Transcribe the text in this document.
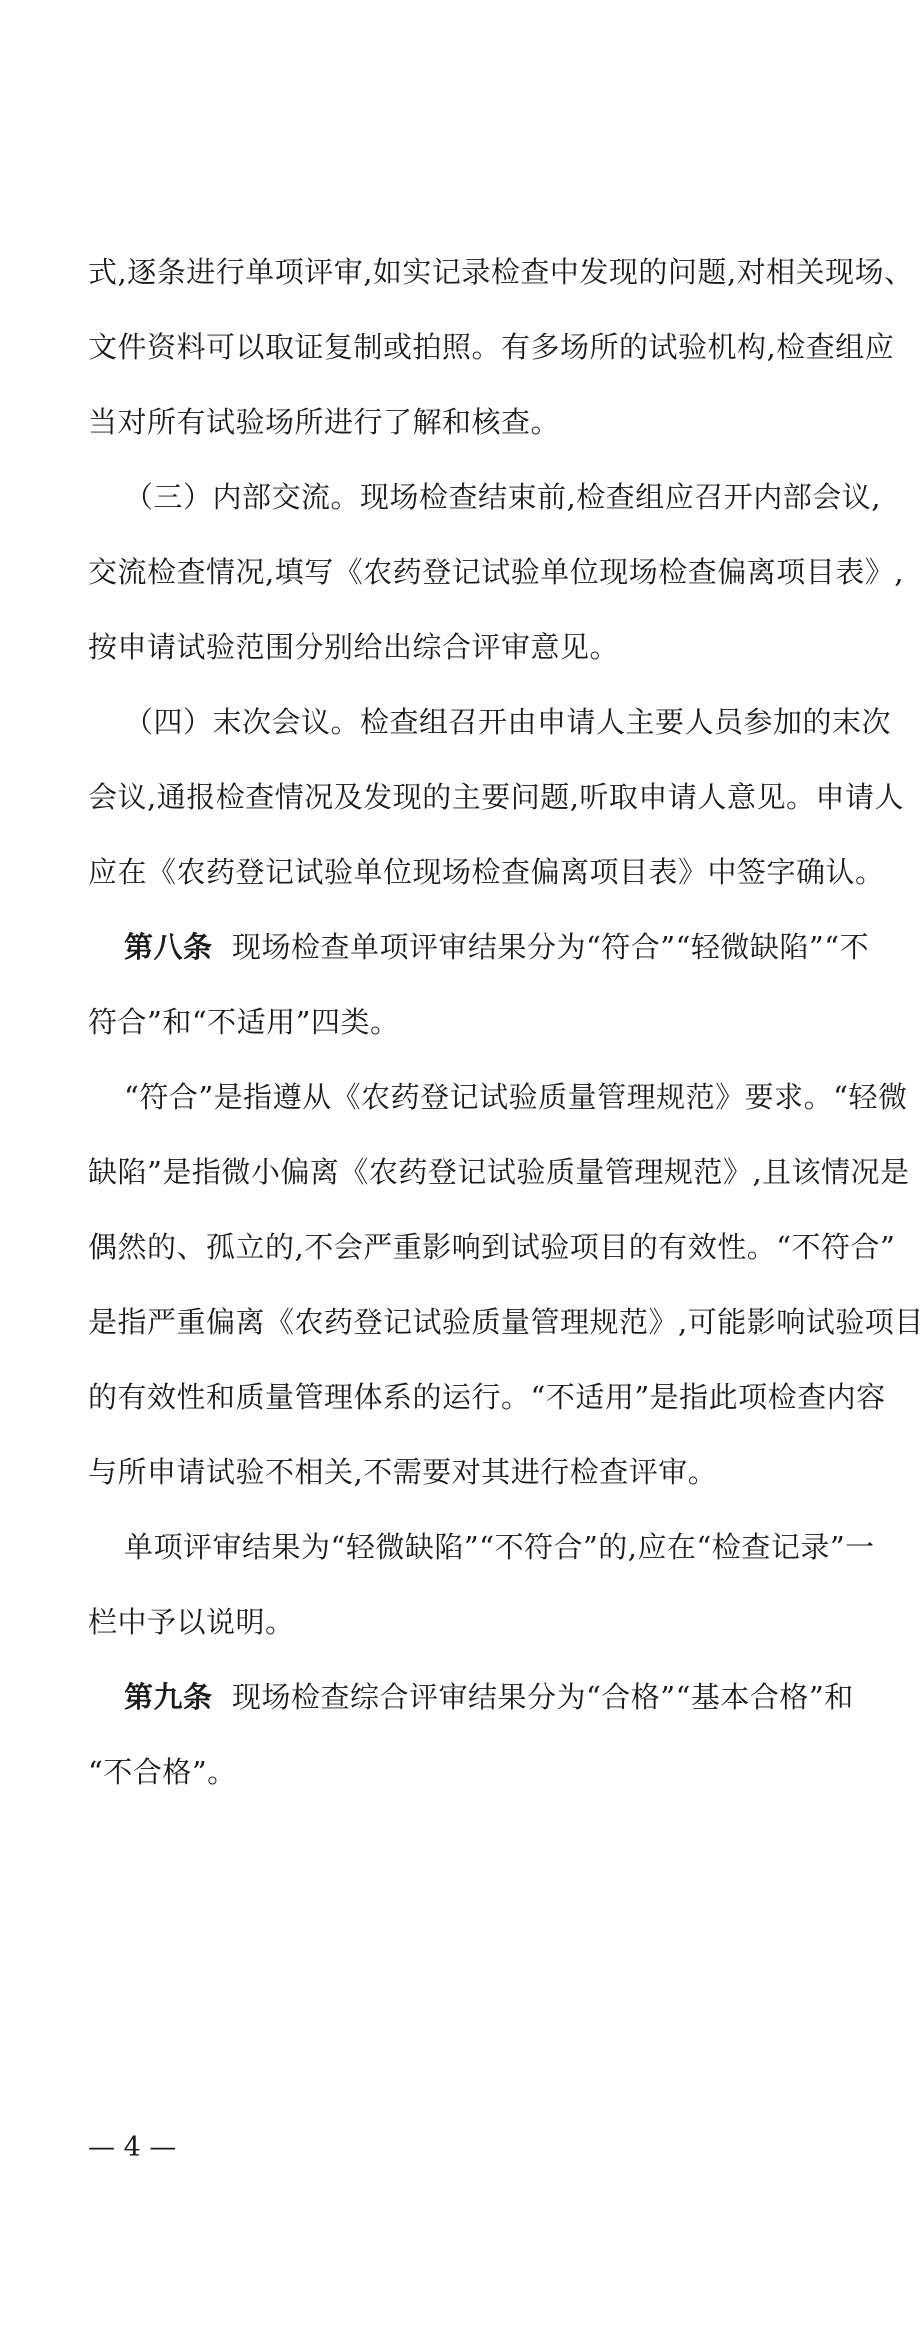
式,逐条进行单项评审,如实记录检查中发现的问题,对相关现场、
文件资料可以取证复制或拍照。有多场所的试验机构,检查组应
当对所有试验场所进行了解和核查。
（三）内部交流。现场检查结束前,检查组应召开内部会议,
交流检查情况,填写《农药登记试验单位现场检查偏离项目表》,
按申请试验范围分别给出综合评审意见。
（四）末次会议。检查组召开由申请人主要人员参加的末次
会议,通报检查情况及发现的主要问题,听取申请人意见。申请人
应在《农药登记试验单位现场检查偏离项目表》中签字确认。
第八条 现场检查单项评审结果分为“符合”“轻微缺陷”“不
符合”和“不适用”四类。
“符合”是指遵从《农药登记试验质量管理规范》要求。“轻微
缺陷”是指微小偏离《农药登记试验质量管理规范》,且该情况是
偶然的、孤立的,不会严重影响到试验项目的有效性。“不符合”
是指严重偏离《农药登记试验质量管理规范》,可能影响试验项目
的有效性和质量管理体系的运行。“不适用”是指此项检查内容
与所申请试验不相关,不需要对其进行检查评审。
单项评审结果为“轻微缺陷”“不符合”的,应在“检查记录”一
栏中予以说明。
第九条 现场检查综合评审结果分为“合格”“基本合格”和
“不合格”。
— 4 —
